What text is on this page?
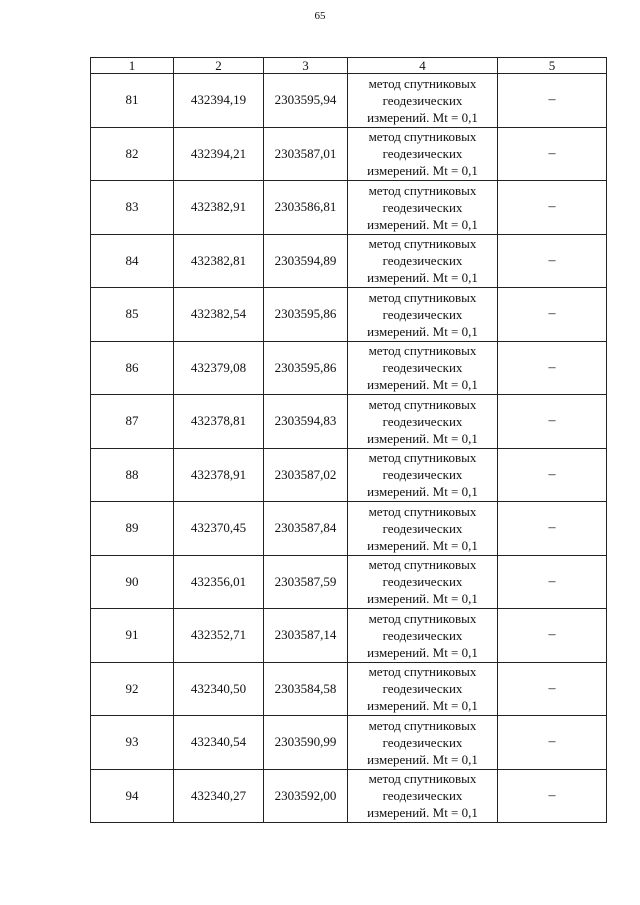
65
1	2	3	4	5
81	432394,19	2303595,94	метод спутниковых
геодезических
измерений. Mt = 0,1	–
82	432394,21	2303587,01	метод спутниковых
геодезических
измерений. Mt = 0,1	–
83	432382,91	2303586,81	метод спутниковых
геодезических
измерений. Mt = 0,1	–
84	432382,81	2303594,89	метод спутниковых
геодезических
измерений. Mt = 0,1	–
85	432382,54	2303595,86	метод спутниковых
геодезических
измерений. Mt = 0,1	–
86	432379,08	2303595,86	метод спутниковых
геодезических
измерений. Mt = 0,1	–
87	432378,81	2303594,83	метод спутниковых
геодезических
измерений. Mt = 0,1	–
88	432378,91	2303587,02	метод спутниковых
геодезических
измерений. Mt = 0,1	–
89	432370,45	2303587,84	метод спутниковых
геодезических
измерений. Mt = 0,1	–
90	432356,01	2303587,59	метод спутниковых
геодезических
измерений. Mt = 0,1	–
91	432352,71	2303587,14	метод спутниковых
геодезических
измерений. Mt = 0,1	–
92	432340,50	2303584,58	метод спутниковых
геодезических
измерений. Mt = 0,1	–
93	432340,54	2303590,99	метод спутниковых
геодезических
измерений. Mt = 0,1	–
94	432340,27	2303592,00	метод спутниковых
геодезических
измерений. Mt = 0,1	–
